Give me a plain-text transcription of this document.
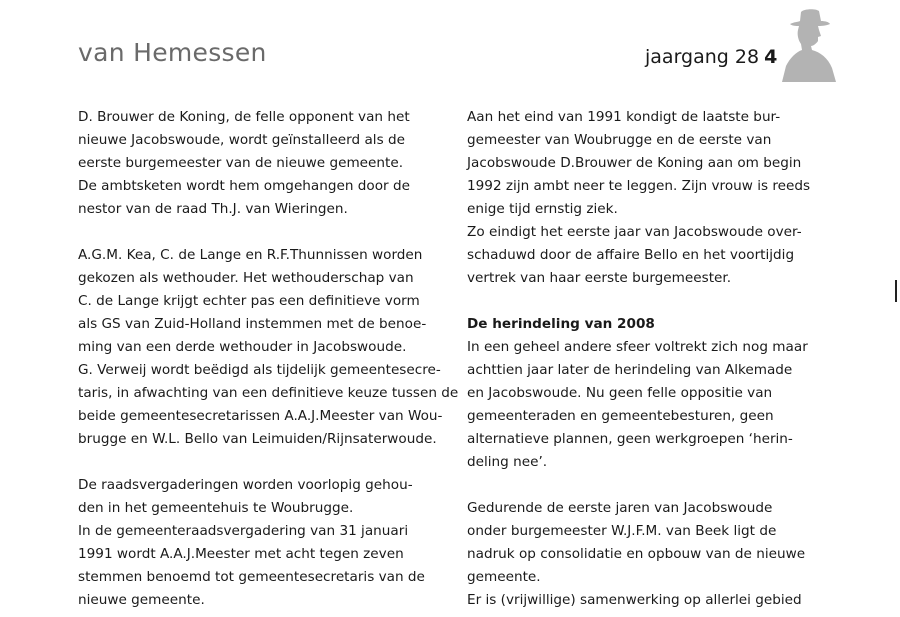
van Hemessen	jaargang 28 4
D. Brouwer de Koning, de felle opponent van het
nieuwe Jacobswoude, wordt geïnstalleerd als de
eerste burgemeester van de nieuwe gemeente.
De ambtsketen wordt hem omgehangen door de
nestor van de raad Th.J. van Wieringen.
A.G.M. Kea, C. de Lange en R.F.Thunnissen worden
gekozen als wethouder. Het wethouderschap van
C. de Lange krijgt echter pas een definitieve vorm
als GS van Zuid-Holland instemmen met de benoe-
ming van een derde wethouder in Jacobswoude.
G. Verweij wordt beëdigd als tijdelijk gemeentesecre-
taris, in afwachting van een definitieve keuze tussen de
beide gemeentesecretarissen A.A.J.Meester van Wou-
brugge en W.L. Bello van Leimuiden/Rijnsaterwoude.
De raadsvergaderingen worden voorlopig gehou-
den in het gemeentehuis te Woubrugge.
In de gemeenteraadsvergadering van 31 januari
1991 wordt A.A.J.Meester met acht tegen zeven
stemmen benoemd tot gemeentesecretaris van de
nieuwe gemeente.
Aan het eind van 1991 kondigt de laatste bur-
gemeester van Woubrugge en de eerste van
Jacobswoude D.Brouwer de Koning aan om begin
1992 zijn ambt neer te leggen. Zijn vrouw is reeds
enige tijd ernstig ziek.
Zo eindigt het eerste jaar van Jacobswoude over-
schaduwd door de affaire Bello en het voortijdig
vertrek van haar eerste burgemeester.
De herindeling van 2008
In een geheel andere sfeer voltrekt zich nog maar
achttien jaar later de herindeling van Alkemade
en Jacobswoude. Nu geen felle oppositie van
gemeenteraden en gemeentebesturen, geen
alternatieve plannen, geen werkgroepen ‘herin-
deling nee’.
Gedurende de eerste jaren van Jacobswoude
onder burgemeester W.J.F.M. van Beek ligt de
nadruk op consolidatie en opbouw van de nieuwe
gemeente.
Er is (vrijwillige) samenwerking op allerlei gebied
